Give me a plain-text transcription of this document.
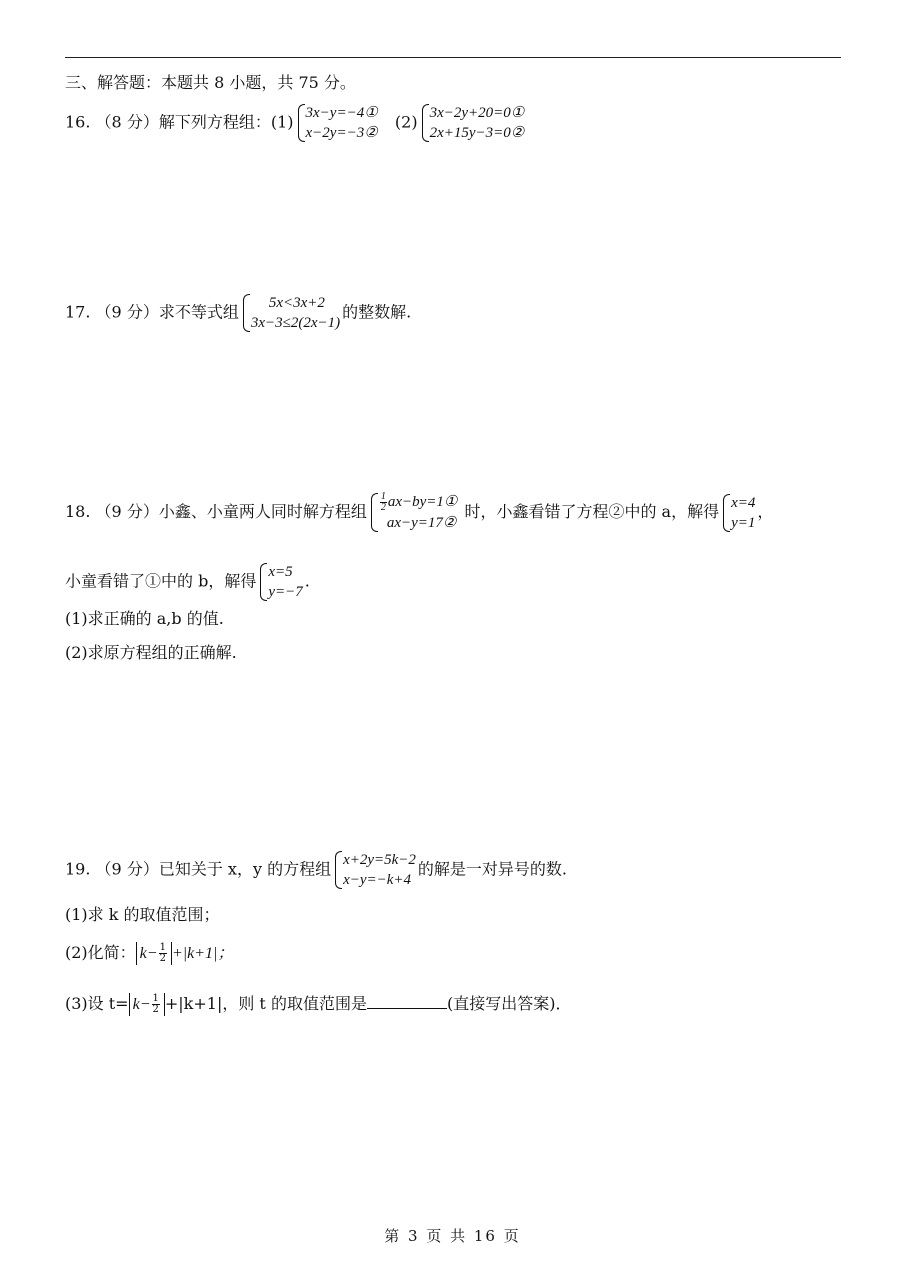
三、解答题：本题共 8 小题，共 75 分。
16. （8 分）解下列方程组：(1) 3x−y=−4①
x−2y=−3②
(2) 3x−2y+20=0①
2x+15y−3=0②
17. （9 分）求不等式组	5x<3x+2
3x−3≤2(2x−1)
的整数解.
18. （9 分）小鑫、小童两人同时解方程组 $\frac{1}{2}$ ax−by=1①
ax−y=17②
时，小鑫看错了方程②中的 a，解得 x=4
y=1
，
小童看错了①中的 b，解得 x=5
y=−7
.
(1)求正确的 a,b 的值.
(2)求原方程组的正确解.
19. （9 分）已知关于 x，y 的方程组 x+2y=5k−2
x−y=−k+4
的解是一对异号的数.
(1)求 k 的取值范围；
(2)化简： $k- \frac{1}{2} +|k+1|$；
(3)设 $t= k- \frac{1}{2} +|k+1|$，则 t 的取值范围是	(直接写出答案)．
第 3 页 共 16 页
